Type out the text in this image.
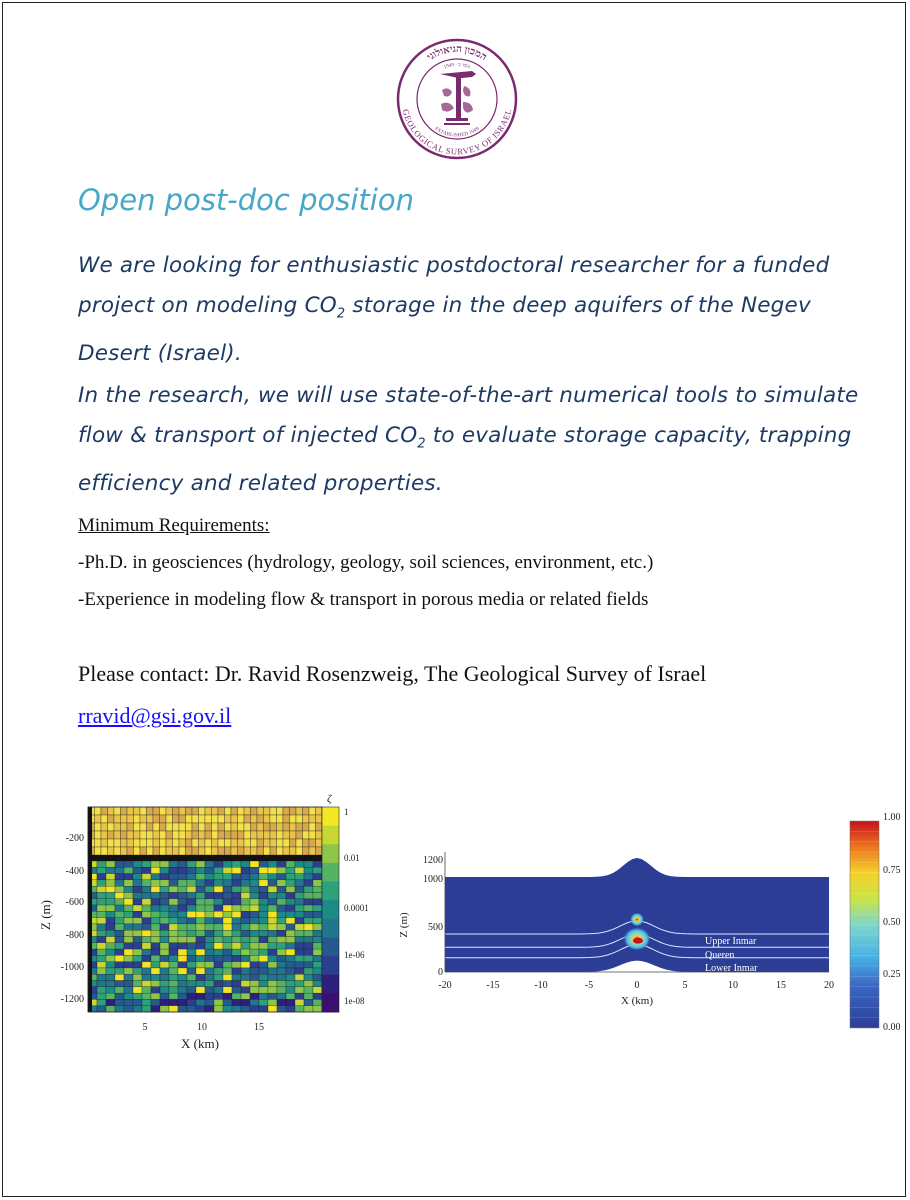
המכון הגיאולוגי
GEOLOGICAL SURVEY OF ISRAEL
נוסד ב · 1949
ESTABLISHED 1949
Open post-doc position
We are looking for enthusiastic postdoctoral researcher for a funded project on modeling $CO_2$ storage in the deep aquifers of the Negev Desert (Israel).
In the research, we will use state-of-the-art numerical tools to simulate flow & transport of injected $CO_2$ to evaluate storage capacity, trapping efficiency and related properties.
Minimum Requirements:
-Ph.D. in geosciences (hydrology, geology, soil sciences, environment, etc.)
-Experience in modeling flow & transport in porous media or related fields
Please contact: Dr. Ravid Rosenzweig, The Geological Survey of Israel
rravid@gsi.gov.il
ζ
1
0.01
0.0001
1e-06
1e-08
-200
-400
-600
-800
-1000
-1200
5	10	15
X (km)
Z (m)
1.00
0.75
0.50
0.25
0.00
Upper Inmar
Queren
Lower Inmar
0
500
1000
1200
-20	-15	-10	-5	0	5	10	15	20
X (km)
Z (m)
